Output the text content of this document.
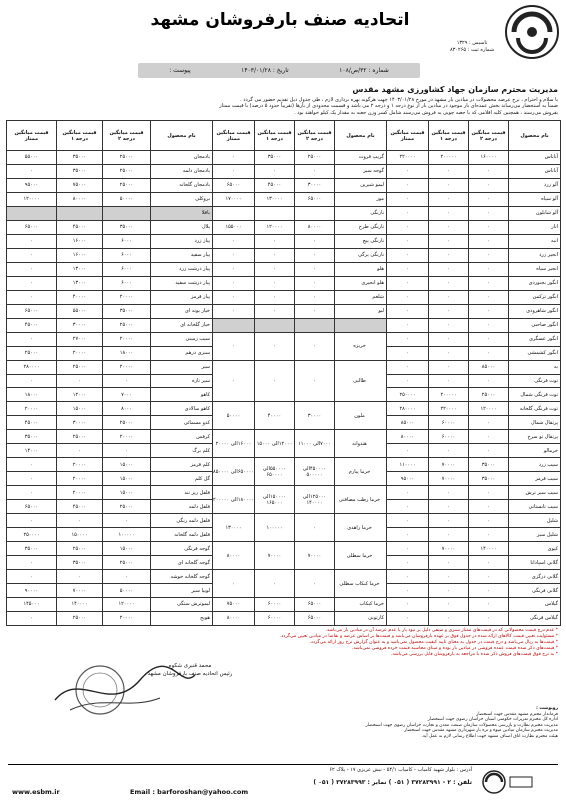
تاسیس : ۱۳۲۹
شماره ثبت : ۸۳۰۲۶۵
اتحادیه صنف بارفروشان مشهد
شماره : ۳۲/ص/۱۰۸
تاریخ : ۱۴۰۳/۰۱/۲۸
پیوست :
مدیریت محترم سازمان جهاد کشاورزی مشهد مقدس
با سلام و احترام ، نرخ عرضه محصولات در میادین بار مشهد در مورخ ۱۴۰۳/۰۱/۲۸ جهت هرگونه بهره برداری لازم ، طی جدول ذیل تقدیم حضور می گردد .
ضمناً به استحضار می‌رساند بخش عمده‌ای بار موجود در میادین بار از نوع درجه ۱ و درجه ۲ می باشد و قسمت محدودی از بارها (تقریباً حدود ۵ درصد) با قیمت ممتاز
بفروش می‌رسند ، همچنین کلیه اقلامی که با جعبه چوبی به فروش می‌رسند شامل کسر وزن جعبه به مقدار یک کیلو خواهند بود .
نام محصول	قیمت میانگین درجه ۲	قیمت میانگین درجه ۱	قیمت میانگین ممتاز	نام محصول	قیمت میانگین درجه ۲	قیمت میانگین درجه ۱	قیمت میانگین ممتاز	نام محصول	قیمت میانگین درجه ۲	قیمت میانگین درجه ۱	قیمت میانگین ممتاز
آناناس	۱۶۰۰۰۰	۲۰۰۰۰۰	۲۲۰۰۰۰	گریپ فروت	۲۵۰۰۰	۳۵۰۰۰	۰	بادمجان	۲۵۰۰۰	۳۵۰۰۰	۵۵۰۰۰
آناناس	۰	۰	۰	گوجه سبز	۰	۰	۰	بادمجان دلمه	۲۵۰۰۰	۳۵۰۰۰	۰
آلو زرد	۰	۰	۰	لیمو شیرین	۳۰۰۰۰	۴۵۰۰۰	۶۵۰۰۰	بادمجان گلخانه	۲۵۰۰۰	۷۵۰۰۰	۹۵۰۰۰
آلو سیاه	۰	۰	۰	موز	۶۵۰۰۰	۱۳۰۰۰۰	۱۷۰۰۰۰	بروکلی	۵۰۰۰۰	۸۰۰۰۰	۱۲۰۰۰۰
آلو شابلون	۰	۰	۰	نارنگی				باقلا			
انار	۰	۰	۰	نارنگی طرح	۸۰۰۰۰	۱۲۰۰۰۰	۱۵۵۰۰۰	بلال	۳۵۰۰۰	۴۵۰۰۰	۶۵۰۰۰
انبه	۰	۰	۰	نارنگی پیچ	۰	۰	۰	پیاز زرد	۶۰۰۰	۱۶۰۰۰	۰
انجیر زرد	۰	۰	۰	نارنگی برگی	۰	۰	۰	پیاز سفید	۶۰۰۰	۱۶۰۰۰	۰
انجیر سیاه	۰	۰	۰	هلو	۰	۰	۰	پیاز درشت زرد	۶۰۰۰	۱۳۰۰۰	۰
انگور بجنوردی	۰	۰	۰	هلو انجیری	۰	۰	۰	پیاز درشت سفید	۶۰۰۰	۱۳۰۰۰	۰
انگور ترکمن	۰	۰	۰	شلغم	۰	۰	۰	پیاز قرمز	۲۰۰۰۰	۴۰۰۰۰	۰
انگور شاهرودی	۰	۰	۰	لبو	۰	۰	۰	خیار بوته ای	۳۵۰۰۰	۵۵۰۰۰	۶۵۰۰۰
انگور صاحبی	۰	۰	۰					خیار گلخانه ای	۲۵۰۰۰	۳۰۰۰۰	۴۵۰۰۰
انگور عسگری	۰	۰	۰	خربزه	۰	۰	۰	سیب زمینی	۲۰۰۰۰	۲۷۰۰۰	۰
انگور کشمشی	۰	۰	۰					سبزی درهم	۱۸۰۰۰	۲۰۰۰۰	۲۵۰۰۰
به	۸۵۰۰۰	۰	۰	طالبی	۰	۰	۰	سیر	۲۰۰۰۰	۲۵۰۰۰	۲۸۰۰۰۰
توت فرنگی	۰	۰	۰					سیر تازه	۰	۰	۰
توت فرنگی شمال	۲۵۰۰۰	۲۰۰۰۰۰	۲۵۰۰۰۰					کاهو	۷۰۰۰	۱۲۰۰۰	۱۸۰۰۰
توت فرنگی گلخانه	۱۲۰۰۰۰	۲۲۰۰۰۰	۲۸۰۰۰۰	ملون	۳۰۰۰۰	۴۰۰۰۰	۵۰۰۰۰	کاهو سالادی	۸۰۰۰	۱۵۰۰۰	۲۰۰۰۰
پرتقال شمال	۰	۶۰۰۰۰	۸۵۰۰۰					کدو مسمائی	۲۵۰۰۰	۳۰۰۰۰	۴۵۰۰۰
پرتقال تو سرخ	۰	۶۰۰۰۰	۸۰۰۰۰	هندوانه	۷۰۰۰الی ۱۱۰۰۰	۱۲۰۰۰الی ۱۵۰۰۰	۱۶۰۰۰الی ۲۰۰۰۰	کرفس	۲۰۰۰۰	۲۵۰۰۰	۳۵۰۰۰
خرمالو	۰	۰	۰					کلم برگ	۰	۰	۱۴۰۰۰
سیب زرد	۳۵۰۰۰	۷۰۰۰۰	۱۱۰۰۰۰	خرما پیارم	۴۵۰۰۰۰الی ۵۰۰۰۰۰	۵۵۰۰۰۰الی ۶۵۰۰۰۰	۶۵۰۰۰۰الی ۸۵۰۰۰۰	کلم قرمز	۱۵۰۰۰	۲۰۰۰۰	۰
سیب قرمز	۳۵۰۰۰	۷۰۰۰۰	۹۵۰۰۰					گل کلم	۱۵۰۰۰	۲۰۰۰۰	۰
سیب سبز ترش	۰	۰	۰	خرما رطب مضافتی	۱۲۵۰۰۰الی ۱۴۰۰۰۰	۱۵۰۰۰۰الی ۱۶۵۰۰۰	۱۸۰۰۰۰الی ۲۰۰۰۰۰	فلفل ریز تند	۱۵۰۰۰	۲۰۰۰۰	۰
سیب تابستانی	۰	۰	۰					فلفل دلمه	۲۵۰۰۰	۴۵۰۰۰	۶۵۰۰۰
شلیل	۰	۰	۰	خرما زاهدی	۰	۱۰۰۰۰۰	۱۳۰۰۰۰	فلفل دلمه رنگی	۰	۰	۰
شلیل سبز	۰	۰	۰					فلفل دلمه گلخانه	۱۰۰۰۰۰	۱۵۰۰۰۰	۲۵۰۰۰۰
کیوی	۱۴۰۰۰۰	۷۰۰۰۰	۰	خرما سطلی	۷۰۰۰۰	۷۰۰۰۰	۸۰۰۰۰	گوجه فرنگی	۱۵۰۰۰	۲۵۰۰۰	۳۵۰۰۰
گلابی اسپادانا	۰	۰	۰					گوجه گلخانه ای	۲۵۰۰۰	۳۵۰۰۰	۰
گلابی درگزی	۰	۰	۰	خرما کبکاب سطلی	۰	۰	۰	گوجه گلخانه خوشه	۰	۰	۰
گلابی فرنگی	۰	۰	۰					لوبیا سبز	۵۰۰۰۰	۷۰۰۰۰	۹۰۰۰۰
گیلاس	۰	۰	۰	خرما کبکاب	۶۵۰۰۰	۶۰۰۰۰	۷۵۰۰۰	لیموترش سنگی	۱۲۰۰۰۰	۱۴۰۰۰۰	۱۴۵۰۰۰
گیلاس فرنگی	۰	۰	۰	کارتونی	۶۵۰۰۰	۶۰۰۰۰	۸۰۰۰۰	هویج	۲۰۰۰۰	۲۵۰۰۰	۰
* عدم درج قیمت محصولاتی که در قیمت‌های ممتاز سبزی و صیفی دلیل بر نبود بار یا عدم عرضه آن در میادین بار می‌باشد.
* مسئولیت تعیین قیمت کالاهای ارائه شده در جدول فوق بر عهده بارفروشان می‌باشد و قیمت‌ها بر اساس عرضه و تقاضا در میادین تعیین می‌گردد.
* قیمت‌ها به ریال می‌باشد و درج قیمت در جدول به معنای تایید کیفیت محصول نمی‌باشد و به عنوان گزارش نرخ روز ارائه می‌گردد.
* قیمت‌های ذکر شده قیمت عمده فروشی در میادین بار بوده و مبنای محاسبه قیمت خرده فروشی نمی‌باشد.
* به نرخ فوق قیمت‌های فروش ذکر شده با مراجعه به بارفروشان قابل بررسی می‌باشد.
محمد قنبری شکوه
رئیس اتحادیه صنف بارفروشان مشهد
رونوشت :
فرماندار محترم مشهد مقدس جهت استحضار
اداره کل محترم تعزیرات حکومتی استان خراسان رضوی جهت استحضار
مدیریت محترم نظارت و بازرسی محصولات سازمان صنعت معدن و تجارت خراسان رضوی جهت استحضار
مدیریت محترم سازمان میادین میوه و تره بار شهرداری مشهد مقدس جهت استحضار
هیئت محترم نظارت اتاق اصناف مشهد جهت اطلاع رسانی لازم به عمل آید.
آدرس : بلوار شهید کامیاب - کامیاب ۵۴/۱ - نبش عزیزی ۱۷ - پلاک ۶۲
تلفن : ۲ - ۳۷۲۸۳۹۹۱ ( ۰۵۱ ) نمابر : ۳۷۲۸۳۹۹۳ ( ۰۵۱ )
Email : barforoshan@yahoo.com
www.esbm.ir
